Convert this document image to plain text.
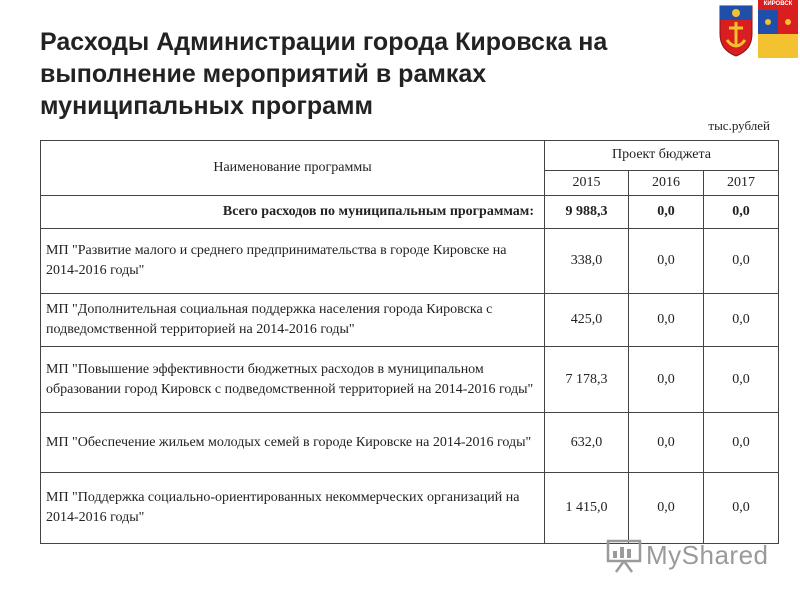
Расходы Администрации города Кировска на выполнение мероприятий в рамках муниципальных программ
КИРОВСК
тыс.рублей
Наименование программы	Проект бюджета		
	2015	2016	2017
Всего расходов по муниципальным программам:	9 988,3	0,0	0,0
МП "Развитие малого и среднего предпринимательства в городе Кировске на 2014-2016 годы"	338,0	0,0	0,0
МП "Дополнительная социальная поддержка населения города Кировска с подведомственной территорией на 2014-2016 годы"	425,0	0,0	0,0
МП "Повышение эффективности бюджетных расходов в муниципальном образовании город Кировск с подведомственной территорией на 2014-2016 годы"	7 178,3	0,0	0,0
МП "Обеспечение жильем молодых семей в городе Кировске на 2014-2016 годы"	632,0	0,0	0,0
МП "Поддержка социально-ориентированных некоммерческих организаций на 2014-2016 годы"	1 415,0	0,0	0,0
MyShared
